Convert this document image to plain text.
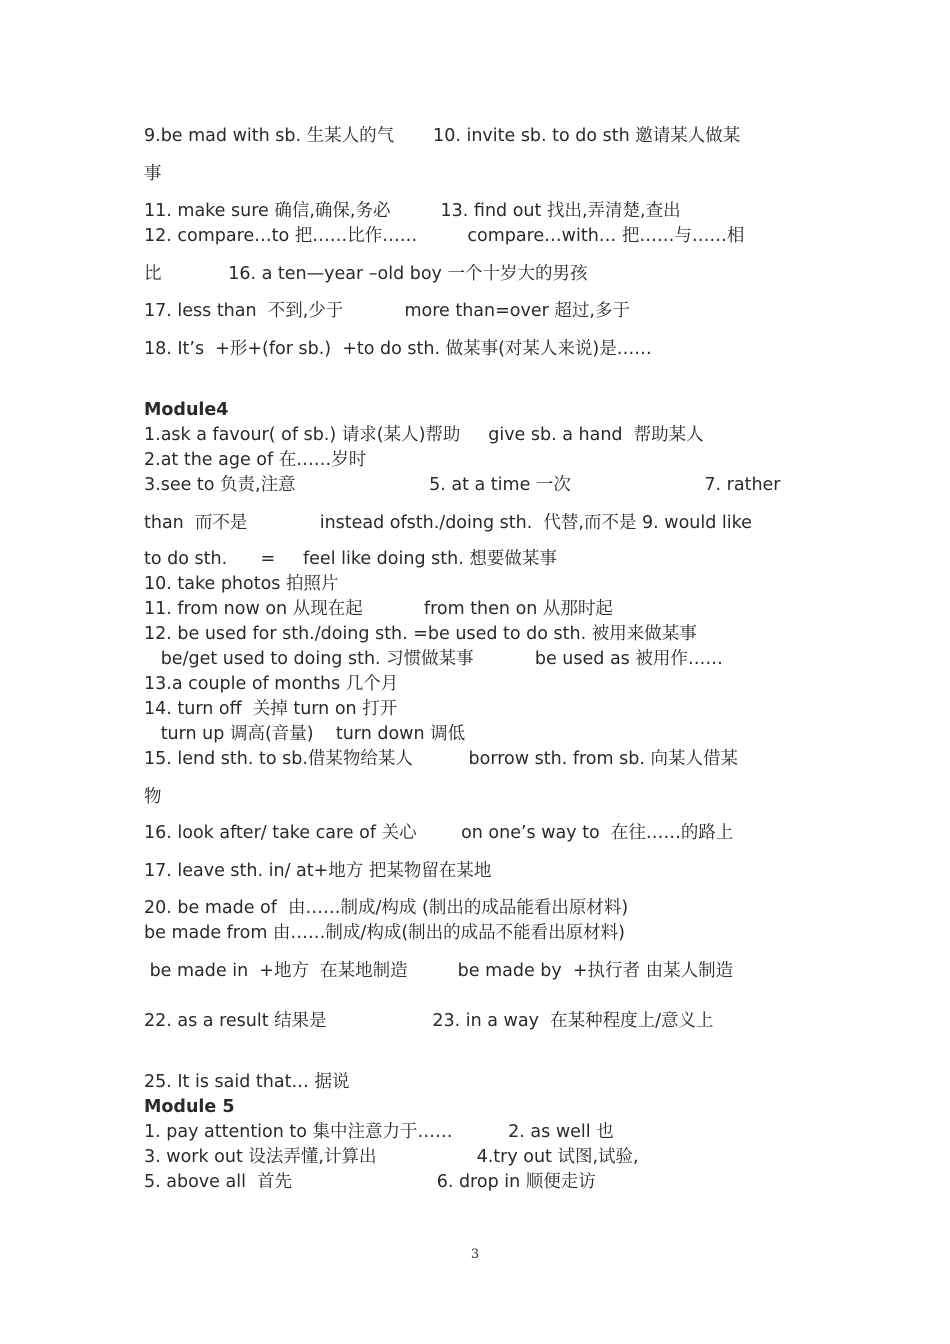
9.be mad with sb. 生某人的气       10. invite sb. to do sth 邀请某人做某
事
11. make sure 确信,确保,务必         13. find out 找出,弄清楚,查出
12. compare…to 把……比作……         compare…with… 把……与……相
比            16. a ten—year –old boy 一个十岁大的男孩
17. less than  不到,少于           more than=over 超过,多于
18. It’s  +形+(for sb.)  +to do sth. 做某事(对某人来说)是……
Module4
1.ask a favour( of sb.) 请求(某人)帮助     give sb. a hand  帮助某人
2.at the age of 在……岁时
3.see to 负责,注意                        5. at a time 一次                        7. rather
than  而不是             instead ofsth./doing sth.  代替,而不是 9. would like
to do sth.      =     feel like doing sth. 想要做某事
10. take photos 拍照片
11. from now on 从现在起           from then on 从那时起
12. be used for sth./doing sth. =be used to do sth. 被用来做某事
be/get used to doing sth. 习惯做某事           be used as 被用作……
13.a couple of months 几个月
14. turn off  关掉 turn on 打开
turn up 调高(音量)    turn down 调低
15. lend sth. to sb.借某物给某人          borrow sth. from sb. 向某人借某
物
16. look after/ take care of 关心        on one’s way to  在往……的路上
17. leave sth. in/ at+地方 把某物留在某地
20. be made of  由……制成/构成 (制出的成品能看出原材料)
be made from 由……制成/构成(制出的成品不能看出原材料)
be made in  +地方  在某地制造         be made by  +执行者 由某人制造
22. as a result 结果是                   23. in a way  在某种程度上/意义上
25. It is said that… 据说
Module 5
1. pay attention to 集中注意力于……          2. as well 也
3. work out 设法弄懂,计算出                  4.try out 试图,试验,
5. above all  首先                          6. drop in 顺便走访
3
